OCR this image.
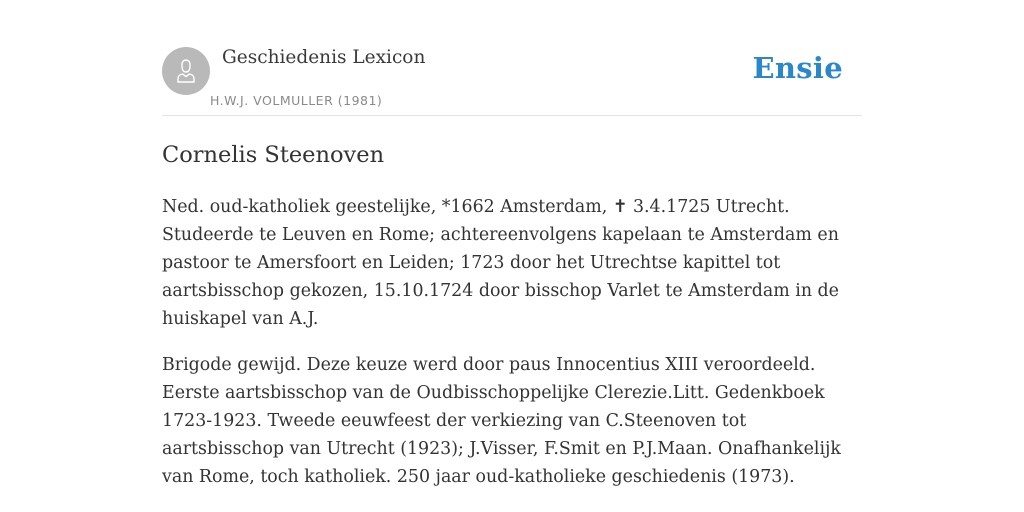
Geschiedenis Lexicon
H.W.J. VOLMULLER (1981)
Ensie
Cornelis Steenoven

Ned. oud-katholiek geestelijke, *1662 Amsterdam, ✝ 3.4.1725 Utrecht. Studeerde te Leuven en Rome; achtereenvolgens kapelaan te Amsterdam en pastoor te Amersfoort en Leiden; 1723 door het Utrechtse kapittel tot aartsbisschop gekozen, 15.10.1724 door bisschop Varlet te Amsterdam in de huiskapel van A.J.

Brigode gewijd. Deze keuze werd door paus Innocentius XIII veroordeeld. Eerste aartsbisschop van de Oudbisschoppelijke Clerezie.Litt. Gedenkboek 1723-1923. Tweede eeuwfeest der verkiezing van C.Steenoven tot aartsbisschop van Utrecht (1923); J.Visser, F.Smit en P.J.Maan. Onafhankelijk van Rome, toch katholiek. 250 jaar oud-katholieke geschiedenis (1973).
